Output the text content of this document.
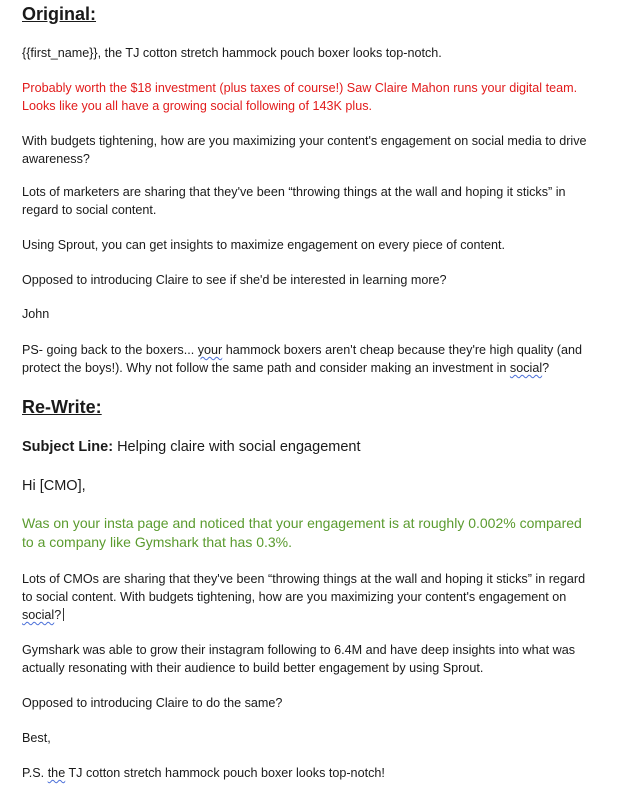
Original:
{{first_name}}, the TJ cotton stretch hammock pouch boxer looks top-notch.
Probably worth the $18 investment (plus taxes of course!) Saw Claire Mahon runs your digital team. Looks like you all have a growing social following of 143K plus.
With budgets tightening, how are you maximizing your content's engagement on social media to drive awareness?
Lots of marketers are sharing that they've been “throwing things at the wall and hoping it sticks” in regard to social content.
Using Sprout, you can get insights to maximize engagement on every piece of content.
Opposed to introducing Claire to see if she'd be interested in learning more?
John
PS- going back to the boxers... your hammock boxers aren't cheap because they're high quality (and protect the boys!). Why not follow the same path and consider making an investment in social?
Re-Write:
Subject Line: Helping claire with social engagement
Hi [CMO],
Was on your insta page and noticed that your engagement is at roughly 0.002% compared to a company like Gymshark that has 0.3%.
Lots of CMOs are sharing that they've been “throwing things at the wall and hoping it sticks” in regard to social content. With budgets tightening, how are you maximizing your content's engagement on social?
Gymshark was able to grow their instagram following to 6.4M and have deep insights into what was actually resonating with their audience to build better engagement by using Sprout.
Opposed to introducing Claire to do the same?
Best,
P.S. the TJ cotton stretch hammock pouch boxer looks top-notch!
